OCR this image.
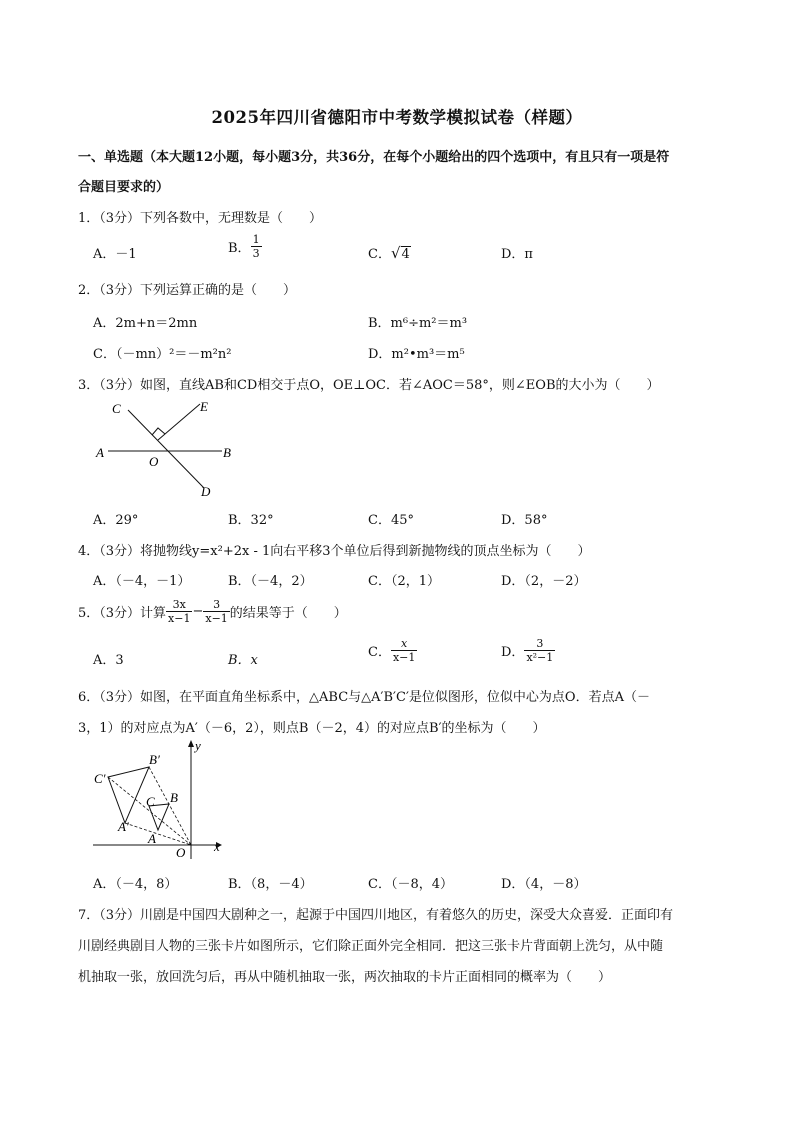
2025年四川省德阳市中考数学模拟试卷（样题）
一、单选题（本大题12小题，每小题3分，共36分，在每个小题给出的四个选项中，有且只有一项是符
合题目要求的）
1．（3分）下列各数中，无理数是（　　）
A．－1	B． $\frac{1}{3}$	C．√4	D．π
2．（3分）下列运算正确的是（　　）
A．2m+n＝2mn	B．m⁶÷m²＝m³
C．（－mn）²＝－m²n²	D．m²•m³＝m⁵
3．（3分）如图，直线AB和CD相交于点O，OE⊥OC．若∠AOC＝58°，则∠EOB的大小为（　　）
A	B
C
D
E
O
A．29°	B．32°	C．45°	D．58°
4．（3分）将抛物线y=x²+2x - 1向右平移3个单位后得到新抛物线的顶点坐标为（　　）
A．（－4，－1）	B．（－4，2）	C．（2，1）	D．（2，－2）
5．（3分）计算 $\frac{3x}{x-1} - \frac{3}{x-1}$ 的结果等于（　　）
A．3	B．x
C． $\frac{x}{x-1}$	D． $\frac{3}{\text{x²−1}}$
6．（3分）如图，在平面直角坐标系中，△ABC与△A′B′C′是位似图形，位似中心为点O．若点A（－
3，1）的对应点为A′（－6，2），则点B（－2，4）的对应点B′的坐标为（　　）
B′
C′
A′
C B
A
O x
y
A．（－4，8）	B．（8，－4）	C．（－8，4）	D．（4，－8）
7．（3分）川剧是中国四大剧种之一，起源于中国四川地区，有着悠久的历史，深受大众喜爱．正面印有
川剧经典剧目人物的三张卡片如图所示，它们除正面外完全相同．把这三张卡片背面朝上洗匀，从中随
机抽取一张，放回洗匀后，再从中随机抽取一张，两次抽取的卡片正面相同的概率为（　　）
